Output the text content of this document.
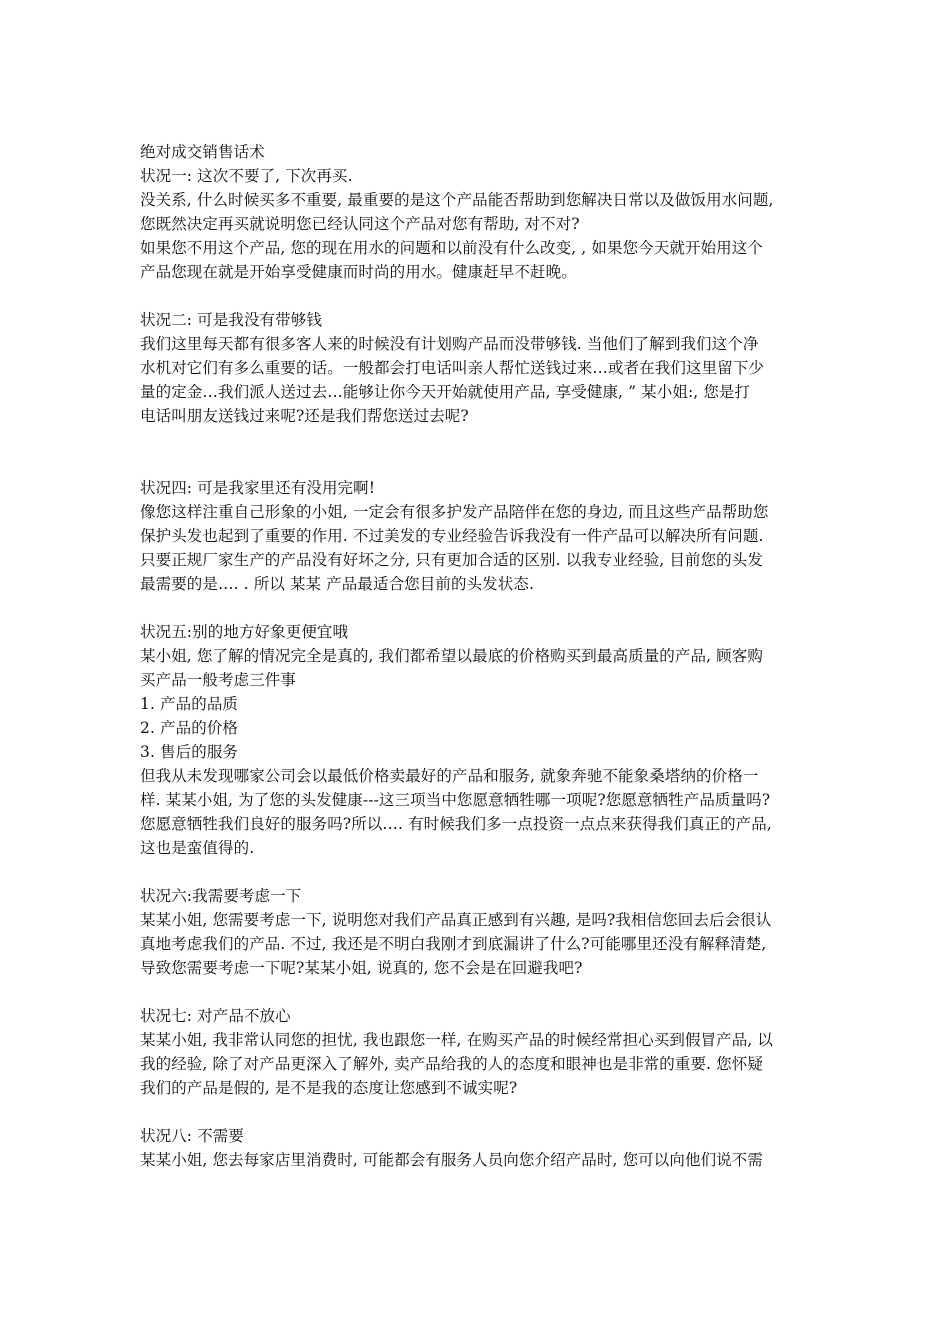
绝对成交销售话术
状况一: 这次不要了, 下次再买.
没关系, 什么时候买多不重要, 最重要的是这个产品能否帮助到您解决日常以及做饭用水问题,
您既然决定再买就说明您已经认同这个产品对您有帮助, 对不对?
如果您不用这个产品, 您的现在用水的问题和以前没有什么改变, , 如果您今天就开始用这个
产品您现在就是开始享受健康而时尚的用水。健康赶早不赶晚。
状况二: 可是我没有带够钱
我们这里每天都有很多客人来的时候没有计划购产品而没带够钱. 当他们了解到我们这个净
水机对它们有多么重要的话。一般都会打电话叫亲人帮忙送钱过来…或者在我们这里留下少
量的定金…我们派人送过去…能够让你今天开始就使用产品, 享受健康, ” 某小姐:, 您是打
电话叫朋友送钱过来呢?还是我们帮您送过去呢?
状况四: 可是我家里还有没用完啊!
像您这样注重自己形象的小姐, 一定会有很多护发产品陪伴在您的身边, 而且这些产品帮助您
保护头发也起到了重要的作用. 不过美发的专业经验告诉我没有一件产品可以解决所有问题.
只要正规厂家生产的产品没有好坏之分, 只有更加合适的区别. 以我专业经验, 目前您的头发
最需要的是…. . 所以 某某 产品最适合您目前的头发状态.
状况五:别的地方好象更便宜哦
某小姐, 您了解的情况完全是真的, 我们都希望以最底的价格购买到最高质量的产品, 顾客购
买产品一般考虑三件事
1. 产品的品质
2. 产品的价格
3. 售后的服务
但我从未发现哪家公司会以最低价格卖最好的产品和服务, 就象奔驰不能象桑塔纳的价格一
样. 某某小姐, 为了您的头发健康---这三项当中您愿意牺牲哪一项呢?您愿意牺牲产品质量吗?
您愿意牺牲我们良好的服务吗?所以…. 有时候我们多一点投资一点点来获得我们真正的产品,
这也是蛮值得的.
状况六:我需要考虑一下
某某小姐, 您需要考虑一下, 说明您对我们产品真正感到有兴趣, 是吗?我相信您回去后会很认
真地考虑我们的产品. 不过, 我还是不明白我刚才到底漏讲了什么?可能哪里还没有解释清楚,
导致您需要考虑一下呢?某某小姐, 说真的, 您不会是在回避我吧?
状况七: 对产品不放心
某某小姐, 我非常认同您的担忧, 我也跟您一样, 在购买产品的时候经常担心买到假冒产品, 以
我的经验, 除了对产品更深入了解外, 卖产品给我的人的态度和眼神也是非常的重要. 您怀疑
我们的产品是假的, 是不是我的态度让您感到不诚实呢?
状况八: 不需要
某某小姐, 您去每家店里消费时, 可能都会有服务人员向您介绍产品时, 您可以向他们说不需
